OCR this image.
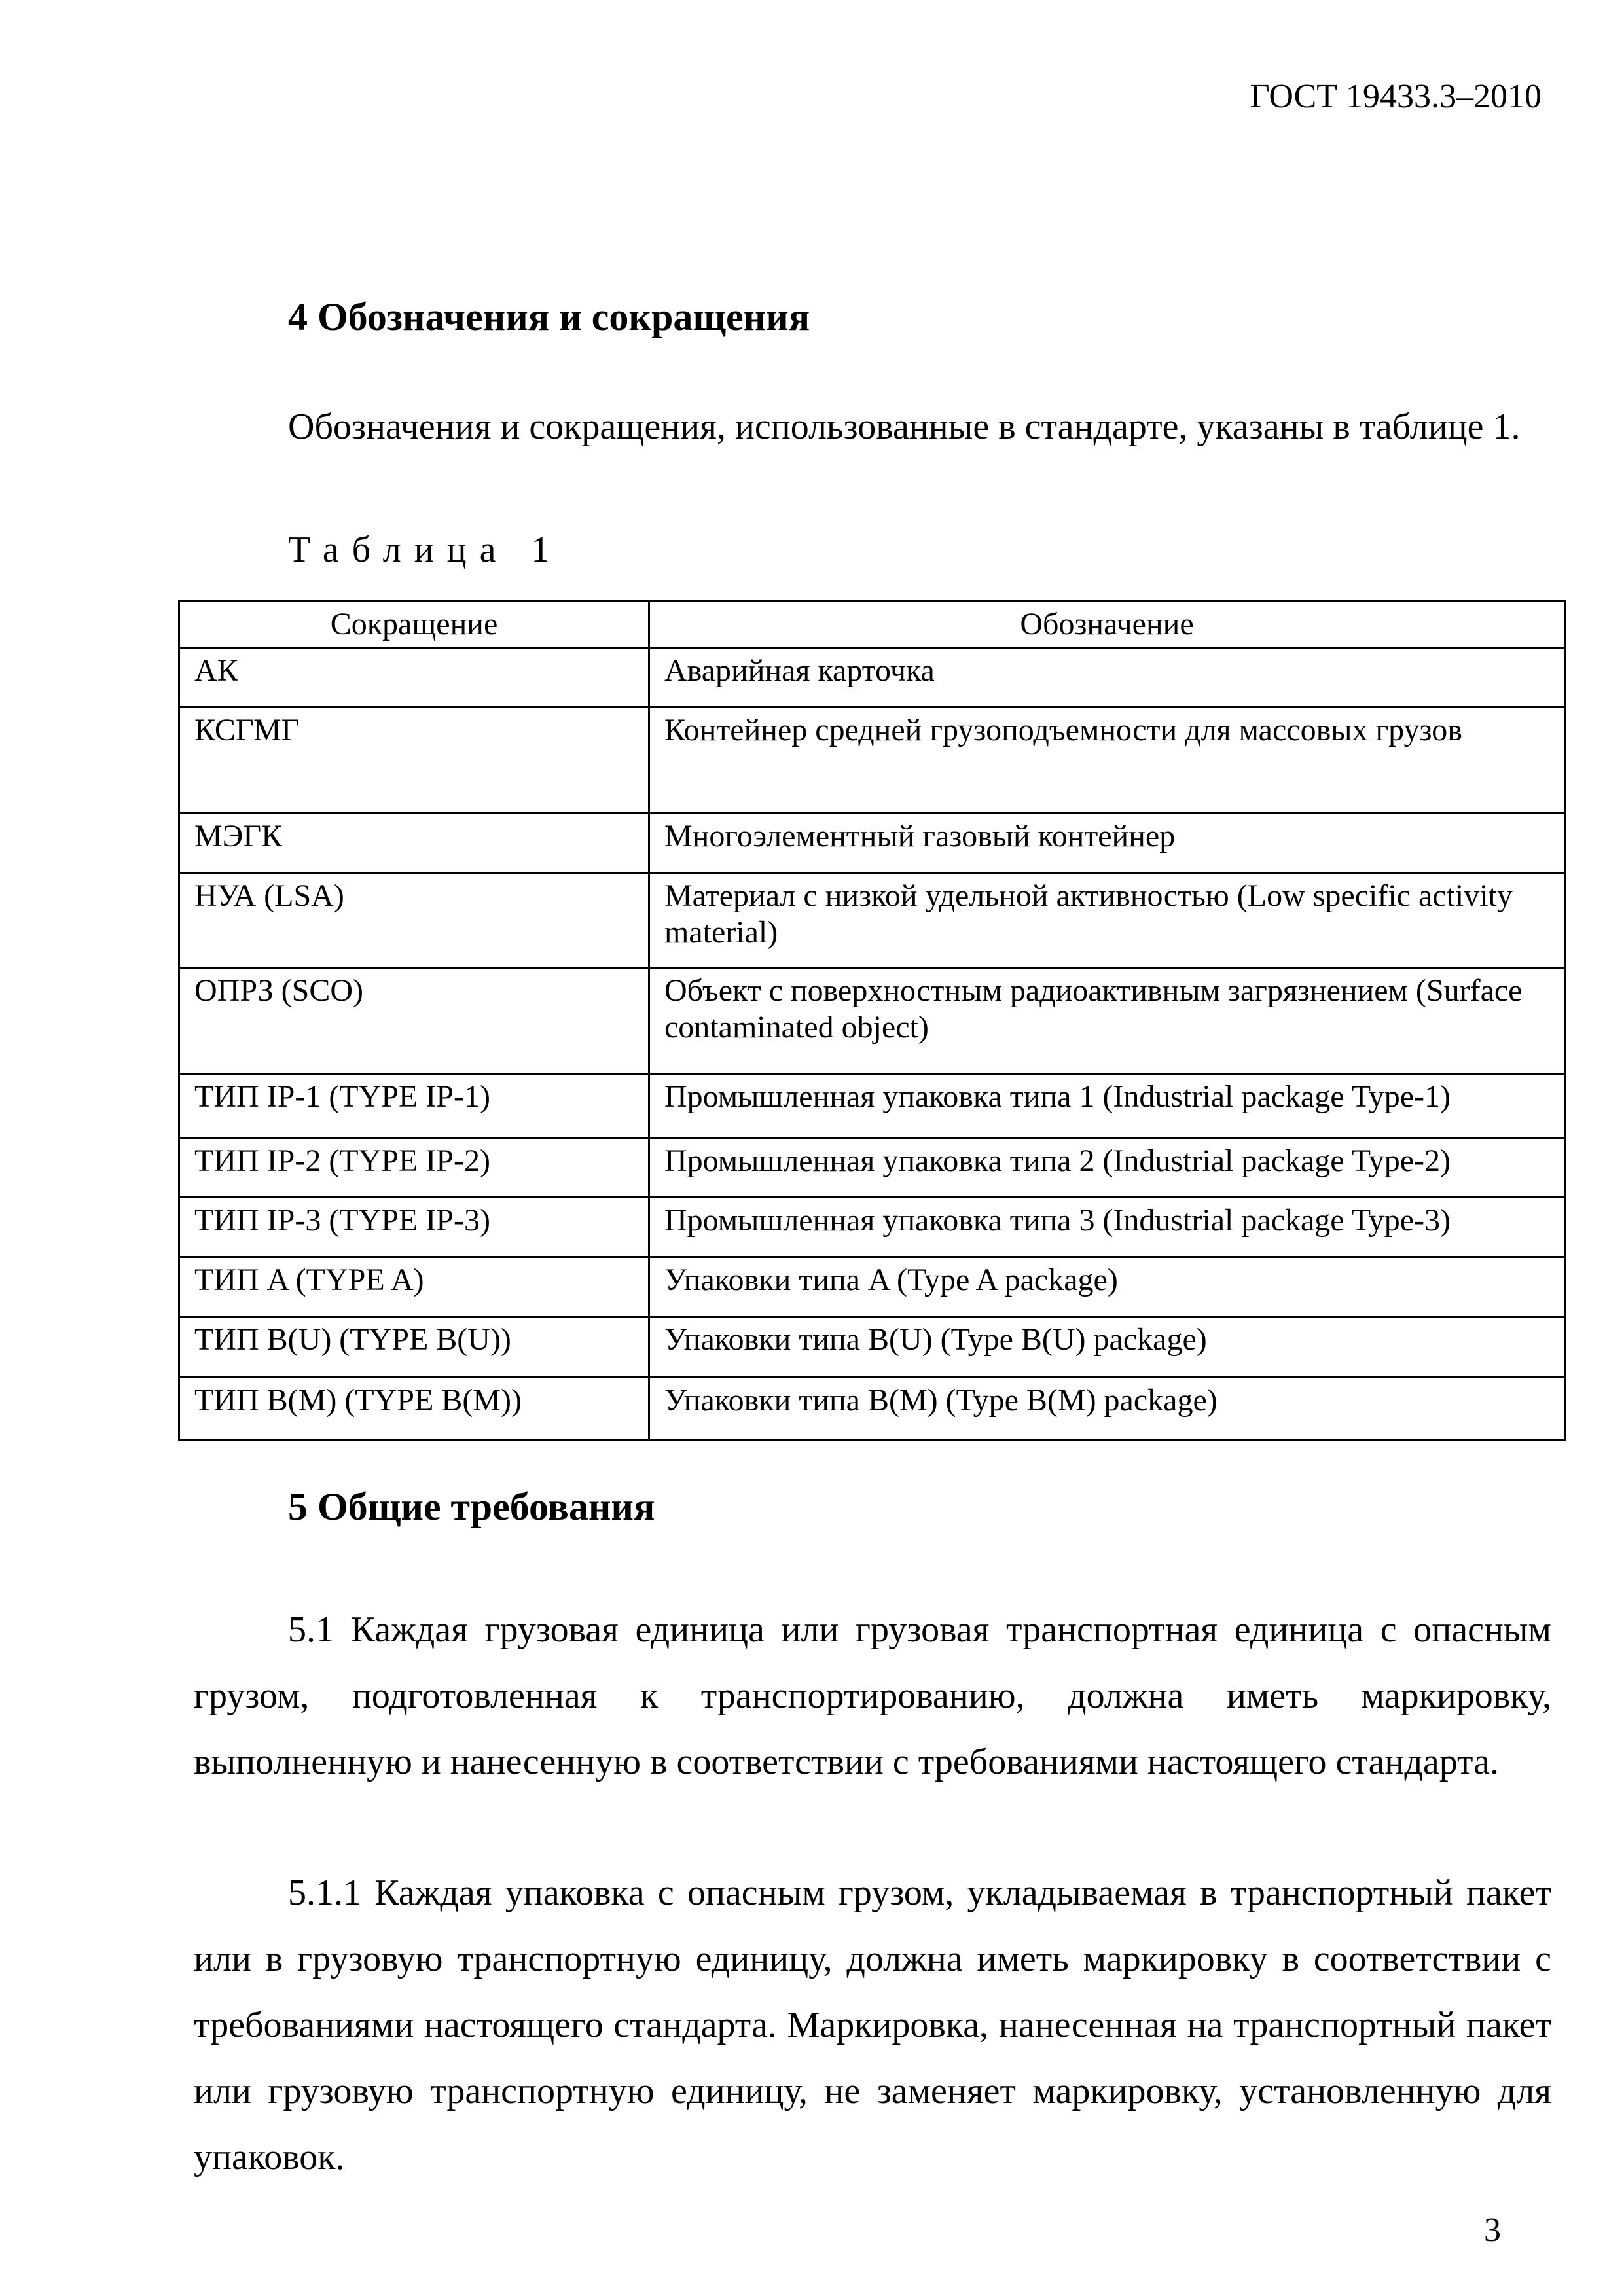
ГОСТ 19433.3–2010
4 Обозначения и сокращения

Обозначения и сокращения, использованные в стандарте, указаны в таблице 1.

Таблица 1
Сокращение	Обозначение
АК	Аварийная карточка
КСГМГ	Контейнер средней грузоподъемности для массовых грузов
МЭГК	Многоэлементный газовый контейнер
НУА (LSA)	Материал с низкой удельной активностью (Low specific activity material)
ОПРЗ (SCO)	Объект с поверхностным радиоактивным загрязнением (Surface contaminated object)
ТИП IP-1 (TYPE IP-1)	Промышленная упаковка типа 1 (Industrial package Type-1)
ТИП IP-2 (TYPE IP-2)	Промышленная упаковка типа 2 (Industrial package Type-2)
ТИП IP-3 (TYPE IP-3)	Промышленная упаковка типа 3 (Industrial package Type-3)
ТИП A (TYPE A)	Упаковки типа A (Type A package)
ТИП B(U) (TYPE B(U))	Упаковки типа B(U) (Type B(U) package)
ТИП B(M) (TYPE B(M))	Упаковки типа B(M) (Type B(M) package)
5 Общие требования

5.1 Каждая грузовая единица или грузовая транспортная единица с опасным грузом, подготовленная к транспортированию, должна иметь маркировку, выполненную и нанесенную в соответствии с требованиями настоящего стандарта.

5.1.1 Каждая упаковка с опасным грузом, укладываемая в транспортный пакет или в грузовую транспортную единицу, должна иметь маркировку в соответствии с требованиями настоящего стандарта. Маркировка, нанесенная на транспортный пакет или грузовую транспортную единицу, не заменяет маркировку, установленную для упаковок.

3
